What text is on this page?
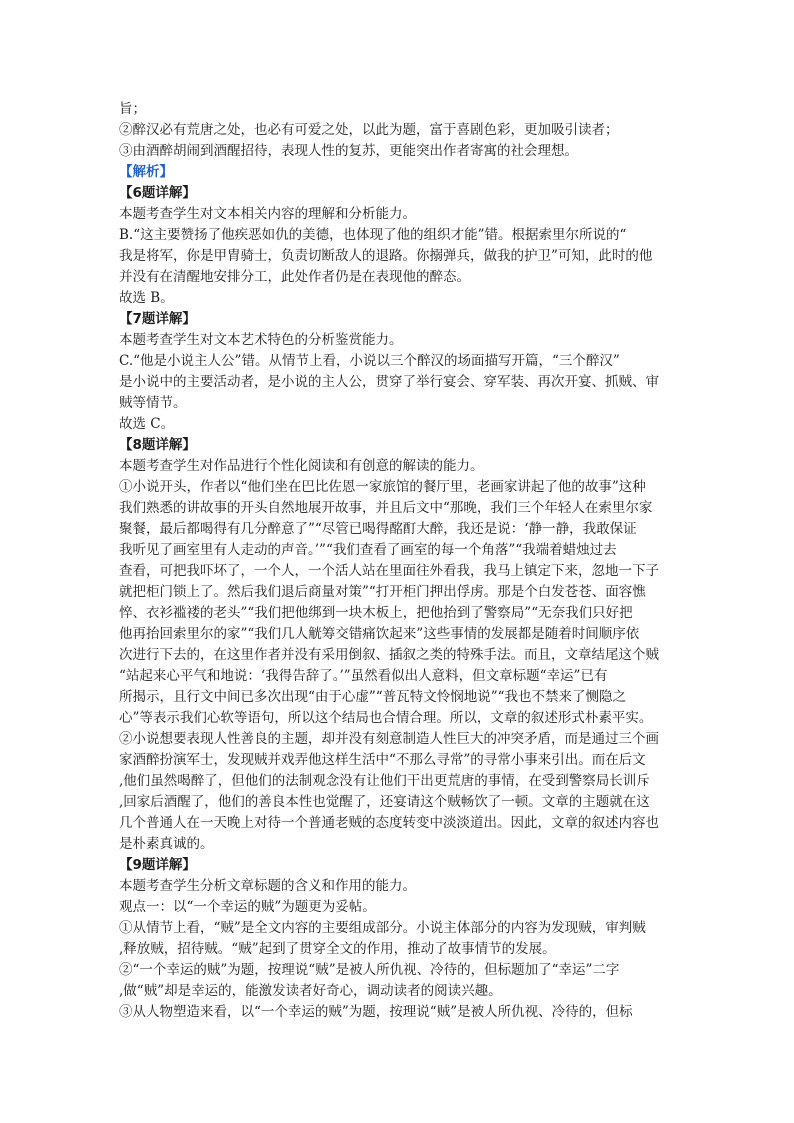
旨；
②醉汉必有荒唐之处，也必有可爱之处，以此为题，富于喜剧色彩，更加吸引读者；
③由酒醉胡闹到酒醒招待，表现人性的复苏，更能突出作者寄寓的社会理想。
【解析】
【6题详解】
本题考查学生对文本相关内容的理解和分析能力。
B.“这主要赞扬了他疾恶如仇的美德，也体现了他的组织才能”错。根据索里尔所说的“
我是将军，你是甲胄骑士，负责切断敌人的退路。你搦弹兵，做我的护卫”可知，此时的他
并没有在清醒地安排分工，此处作者仍是在表现他的醉态。
故选 B。
【7题详解】
本题考查学生对文本艺术特色的分析鉴赏能力。
C.“他是小说主人公”错。从情节上看，小说以三个醉汉的场面描写开篇，“三个醉汉”
是小说中的主要活动者，是小说的主人公，贯穿了举行宴会、穿军装、再次开宴、抓贼、审
贼等情节。
故选 C。
【8题详解】
本题考查学生对作品进行个性化阅读和有创意的解读的能力。
①小说开头，作者以“他们坐在巴比佐恩一家旅馆的餐厅里，老画家讲起了他的故事”这种
我们熟悉的讲故事的开头自然地展开故事，并且后文中“那晚，我们三个年轻人在索里尔家
聚餐，最后都喝得有几分醉意了”“尽管已喝得酩酊大醉，我还是说：‘静一静，我敢保证
我听见了画室里有人走动的声音。’”“我们查看了画室的每一个角落”“我端着蜡烛过去
查看，可把我吓坏了，一个人，一个活人站在里面往外看我，我马上镇定下来，忽地一下子
就把柜门锁上了。然后我们退后商量对策”“打开柜门押出俘虏。那是个白发苍苍、面容憔
悴、衣衫褴褛的老头”“我们把他绑到一块木板上，把他抬到了警察局”“无奈我们只好把
他再抬回索里尔的家”“我们几人觥筹交错痛饮起来”这些事情的发展都是随着时间顺序依
次进行下去的，在这里作者并没有采用倒叙、插叙之类的特殊手法。而且，文章结尾这个贼
“站起来心平气和地说：‘我得告辞了。’”虽然看似出人意料，但文章标题“幸运”已有
所揭示，且行文中间已多次出现“由于心虚”“普瓦特文怜悯地说”“我也不禁来了恻隐之
心”等表示我们心软等语句，所以这个结局也合情合理。所以，文章的叙述形式朴素平实。
②小说想要表现人性善良的主题，却并没有刻意制造人性巨大的冲突矛盾，而是通过三个画
家酒醉扮演军士，发现贼并戏弄他这样生活中“不那么寻常”的寻常小事来引出。而在后文
,他们虽然喝醉了，但他们的法制观念没有让他们干出更荒唐的事情，在受到警察局长训斥
,回家后酒醒了，他们的善良本性也觉醒了，还宴请这个贼畅饮了一顿。文章的主题就在这
几个普通人在一天晚上对待一个普通老贼的态度转变中淡淡道出。因此，文章的叙述内容也
是朴素真诚的。
【9题详解】
本题考查学生分析文章标题的含义和作用的能力。
观点一：以“一个幸运的贼”为题更为妥帖。
①从情节上看，“贼”是全文内容的主要组成部分。小说主体部分的内容为发现贼，审判贼
,释放贼，招待贼。“贼”起到了贯穿全文的作用，推动了故事情节的发展。
②“一个幸运的贼”为题，按理说“贼”是被人所仇视、冷待的，但标题加了“幸运”二字
,做“贼”却是幸运的，能激发读者好奇心，调动读者的阅读兴趣。
③从人物塑造来看，以“一个幸运的贼”为题，按理说“贼”是被人所仇视、冷待的，但标
